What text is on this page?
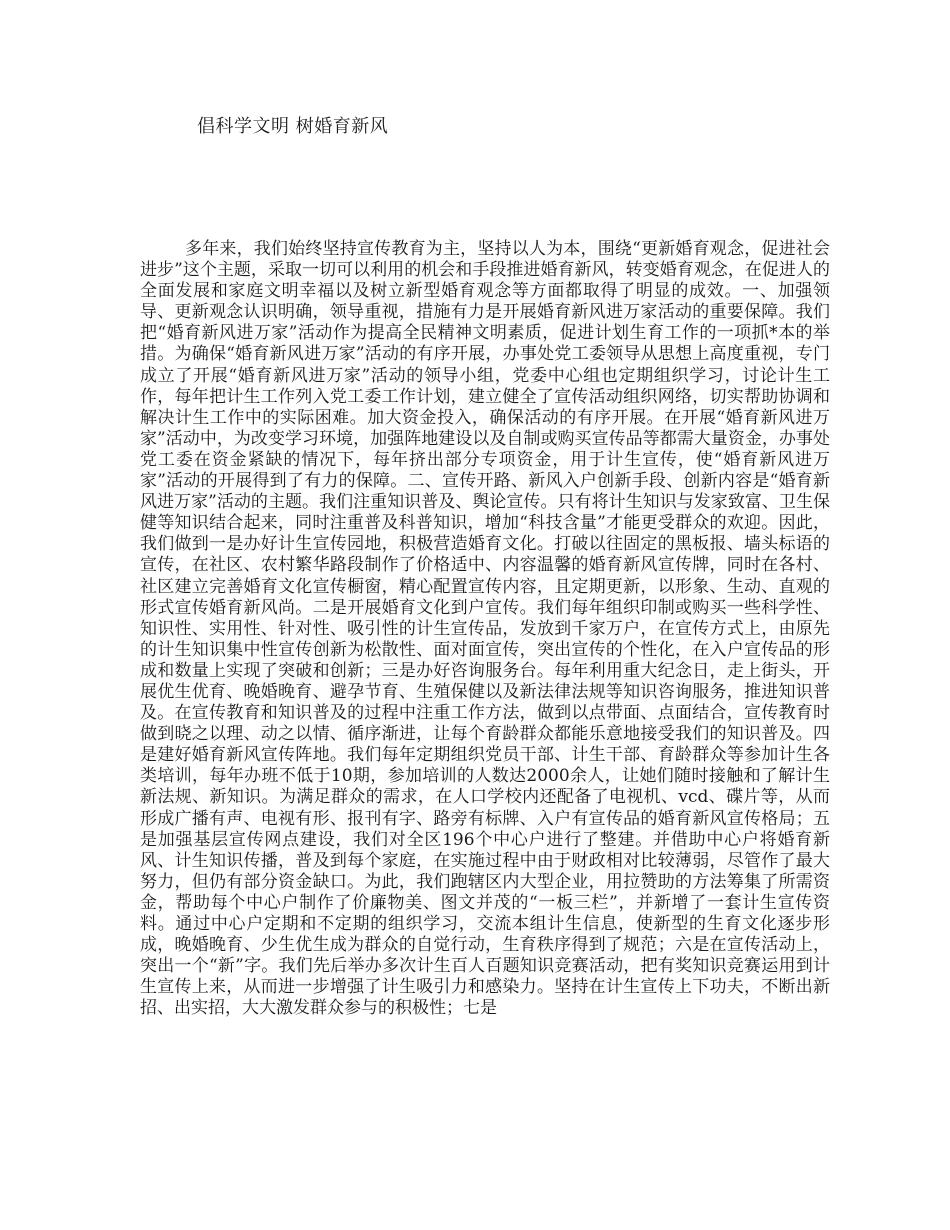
倡科学文明 树婚育新风

多年来，我们始终坚持宣传教育为主，坚持以人为本，围绕“更新婚育观念，促进社会进步”这个主题，采取一切可以利用的机会和手段推进婚育新风，转变婚育观念，在促进人的全面发展和家庭文明幸福以及树立新型婚育观念等方面都取得了明显的成效。一、加强领导、更新观念认识明确，领导重视，措施有力是开展婚育新风进万家活动的重要保障。我们把“婚育新风进万家”活动作为提高全民精神文明素质，促进计划生育工作的一项抓*本的举措。为确保“婚育新风进万家”活动的有序开展，办事处党工委领导从思想上高度重视，专门成立了开展“婚育新风进万家”活动的领导小组，党委中心组也定期组织学习，讨论计生工作，每年把计生工作列入党工委工作计划，建立健全了宣传活动组织网络，切实帮助协调和解决计生工作中的实际困难。加大资金投入，确保活动的有序开展。在开展“婚育新风进万家”活动中，为改变学习环境，加强阵地建设以及自制或购买宣传品等都需大量资金，办事处党工委在资金紧缺的情况下，每年挤出部分专项资金，用于计生宣传，使“婚育新风进万家”活动的开展得到了有力的保障。二、宣传开路、新风入户创新手段、创新内容是“婚育新风进万家”活动的主题。我们注重知识普及、舆论宣传。只有将计生知识与发家致富、卫生保健等知识结合起来，同时注重普及科普知识，增加“科技含量”才能更受群众的欢迎。因此，我们做到一是办好计生宣传园地，积极营造婚育文化。打破以往固定的黑板报、墙头标语的宣传，在社区、农村繁华路段制作了价格适中、内容温馨的婚育新风宣传牌，同时在各村、社区建立完善婚育文化宣传橱窗，精心配置宣传内容，且定期更新，以形象、生动、直观的形式宣传婚育新风尚。二是开展婚育文化到户宣传。我们每年组织印制或购买一些科学性、知识性、实用性、针对性、吸引性的计生宣传品，发放到千家万户，在宣传方式上，由原先的计生知识集中性宣传创新为松散性、面对面宣传，突出宣传的个性化，在入户宣传品的形成和数量上实现了突破和创新；三是办好咨询服务台。每年利用重大纪念日，走上街头，开展优生优育、晚婚晚育、避孕节育、生殖保健以及新法律法规等知识咨询服务，推进知识普及。在宣传教育和知识普及的过程中注重工作方法，做到以点带面、点面结合，宣传教育时做到晓之以理、动之以情、循序渐进，让每个育龄群众都能乐意地接受我们的知识普及。四是建好婚育新风宣传阵地。我们每年定期组织党员干部、计生干部、育龄群众等参加计生各类培训，每年办班不低于10期，参加培训的人数达2000余人，让她们随时接触和了解计生新法规、新知识。为满足群众的需求，在人口学校内还配备了电视机、vcd、碟片等，从而形成广播有声、电视有形、报刊有字、路旁有标牌、入户有宣传品的婚育新风宣传格局；五是加强基层宣传网点建设，我们对全区196个中心户进行了整建。并借助中心户将婚育新风、计生知识传播，普及到每个家庭，在实施过程中由于财政相对比较薄弱，尽管作了最大努力，但仍有部分资金缺口。为此，我们跑辖区内大型企业，用拉赞助的方法筹集了所需资金，帮助每个中心户制作了价廉物美、图文并茂的“一板三栏”，并新增了一套计生宣传资料。通过中心户定期和不定期的组织学习，交流本组计生信息，使新型的生育文化逐步形成，晚婚晚育、少生优生成为群众的自觉行动，生育秩序得到了规范；六是在宣传活动上，突出一个“新”字。我们先后举办多次计生百人百题知识竞赛活动，把有奖知识竞赛运用到计生宣传上来，从而进一步增强了计生吸引力和感染力。坚持在计生宣传上下功夫，不断出新招、出实招，大大激发群众参与的积极性；七是
